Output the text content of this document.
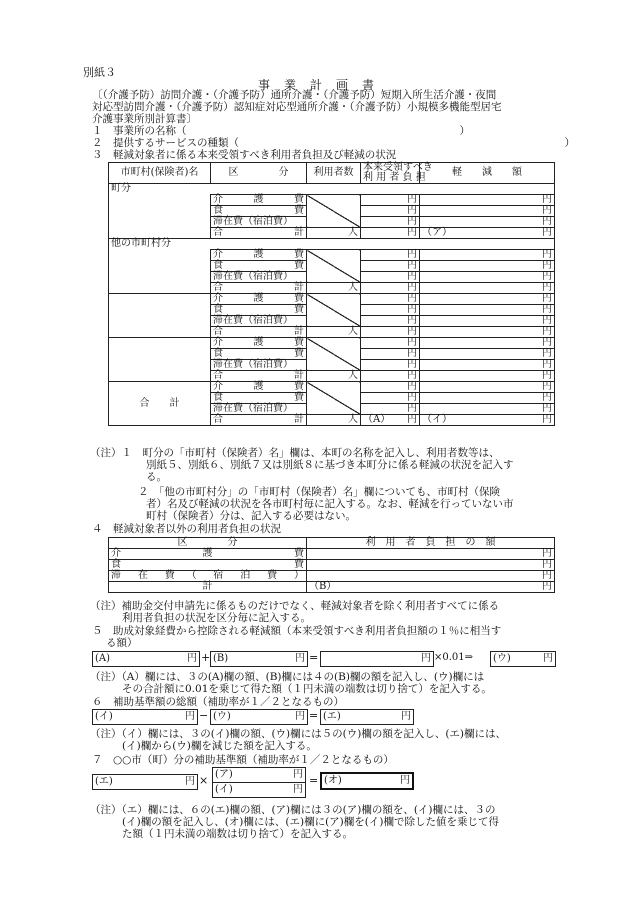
別紙３
事　業　計　画　書
〔（介護予防）訪問介護・（介護予防）通所介護・（介護予防）短期入所生活介護・夜間
対応型訪問介護・（介護予防）認知症対応型通所介護・（介護予防）小規模多機能型居宅
介護事業所別計算書〕
１　事業所の名称（　　　　　　　　　　　　　　　　　　　　　　　　　　）
２　提供するサービスの種類（　　　　　　　　　　　　　　　　　　　　　　　　　　　　　　　）
３　軽減対象者に係る本来受領すべき利用者負担及び軽減の状況
市町村(保険者)名	区　　　　分	利用者数	本来受領すべき
利 用 者 負 担	軽　　減　　額
町分				
	介　　護　　費		円	円
	食　　　　　費		円	円
	滞在費（宿泊費）		円	円
	合　　　　　計	人	円	（ア） 円

他の市町村分				
	介　　護　　費		円	円
	食　　　　　費		円	円
	滞在費（宿泊費）		円	円
	合　　　　　計	人	円	円
	介　　護　　費		円	円
	食　　　　　費		円	円
	滞在費（宿泊費）		円	円
	合　　　　　計	人	円	円
	介　　護　　費		円	円
	食　　　　　費		円	円
	滞在費（宿泊費）		円	円
	合　　　　　計	人	円	円
合　　計	介　　護　　費		円	円
	食　　　　　費		円	円
	滞在費（宿泊費）		円	円
	合　　　　　計	人	（A） 円	（イ） 円
（注）１　町分の「市町村（保険者）名」欄は、本町の名称を記入し、利用者数等は、
別紙５、別紙６、別紙７又は別紙８に基づき本町分に係る軽減の状況を記入す
る。
２　「他の市町村分」の「市町村（保険者）名」欄についても、市町村（保険
者）名及び軽減の状況を各市町村毎に記入する。なお、軽減を行っていない市
町村（保険者）分は、記入する必要はない。
４　軽減対象者以外の利用者負担の状況
区　　　　分	利　用　者　負　担　の　額
介　　　　　護　　　　　費	円
食　　　　　　　　　　　　費	円
滞　在　費　（　宿　泊　費　）	円
計	（B） 円
（注）補助金交付申請先に係るものだけでなく、軽減対象者を除く利用者すべてに係る
利用者負担の状況を区分毎に記入する。
５　助成対象経費から控除される軽減額（本来受領すべき利用者負担額の１％に相当す
る額）
(A)	円 + (B)	円 =	円 ×0.01⇒ (ウ)	円
（注）（A）欄には、３の(A)欄の額、(B)欄には４の(B)欄の額を記入し、(ウ)欄には
その合計額に0.01を乗じて得た額（１円未満の端数は切り捨て）を記入する。
６　補助基準額の総額（補助率が１／２となるもの）
(イ)	円 − (ウ)	円 = (エ)	円
（注）（イ）欄には、３の(イ)欄の額、(ウ)欄には５の(ウ)欄の額を記入し、(エ)欄には、
(イ)欄から(ウ)欄を減じた額を記入する。
７　○○市（町）分の補助基準額（補助率が１／２となるもの）
(エ)	円 × (ア)	円
(イ)	円
= (オ)	円
（注）（エ）欄には、６の(エ)欄の額、(ア)欄には３の(ア)欄の額を、(イ)欄には、３の
(イ)欄の額を記入し、(オ)欄には、(エ)欄に(ア)欄を(イ)欄で除した値を乗じて得
た額（１円未満の端数は切り捨て）を記入する。
